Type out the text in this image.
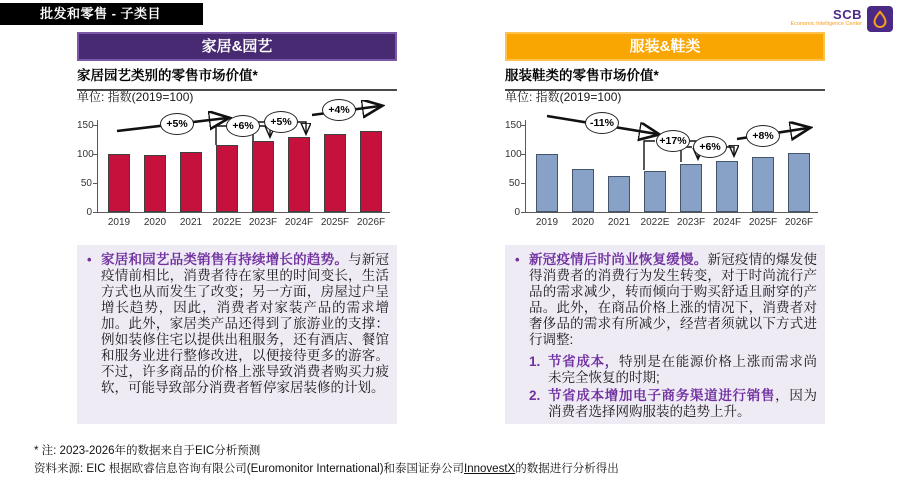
批发和零售 - 子类目	SCB
Economic Intelligence Center
家居&园艺
家居园艺类别的零售市场价值*
单位: 指数(2019=100)
+5%	+6%	+5%
+4%
2019	2020	2021	2022E 2023F 2024F 2025F 2026F
0
50
100
150
• 家居和园艺品类销售有持续增长的趋势。与新冠疫情前相比，消费者待在家里的时间变长，生活方式也从而发生了改变；另一方面，房屋过户呈增长趋势，因此，消费者对家装产品的需求增加。此外，家居类产品还得到了旅游业的支撑：例如装修住宅以提供出租服务，还有酒店、餐馆和服务业进行整修改进，以便接待更多的游客。不过，许多商品的价格上涨导致消费者购买力疲软，可能导致部分消费者暂停家居装修的计划。
服装&鞋类
服装鞋类的零售市场价值*
单位: 指数(2019=100)
-11%
+17%	+6%
+8%
2019	2020	2021	2022E 2023F 2024F 2025F 2026F
0
50
100
150
• 新冠疫情后时尚业恢复缓慢。新冠疫情的爆发使得消费者的消费行为发生转变，对于时尚流行产品的需求减少，转而倾向于购买舒适且耐穿的产品。此外，在商品价格上涨的情况下，消费者对奢侈品的需求有所减少，经营者须就以下方式进行调整:
1. 节省成本，特别是在能源价格上涨而需求尚未完全恢复的时期;
2. 节省成本增加电子商务渠道进行销售，因为消费者选择网购服装的趋势上升。
* 注: 2023-2026年的数据来自于EIC分析预测
资料来源: EIC 根据欧睿信息咨询有限公司(Euromonitor International)和泰国证券公司InnovestX的数据进行分析得出
